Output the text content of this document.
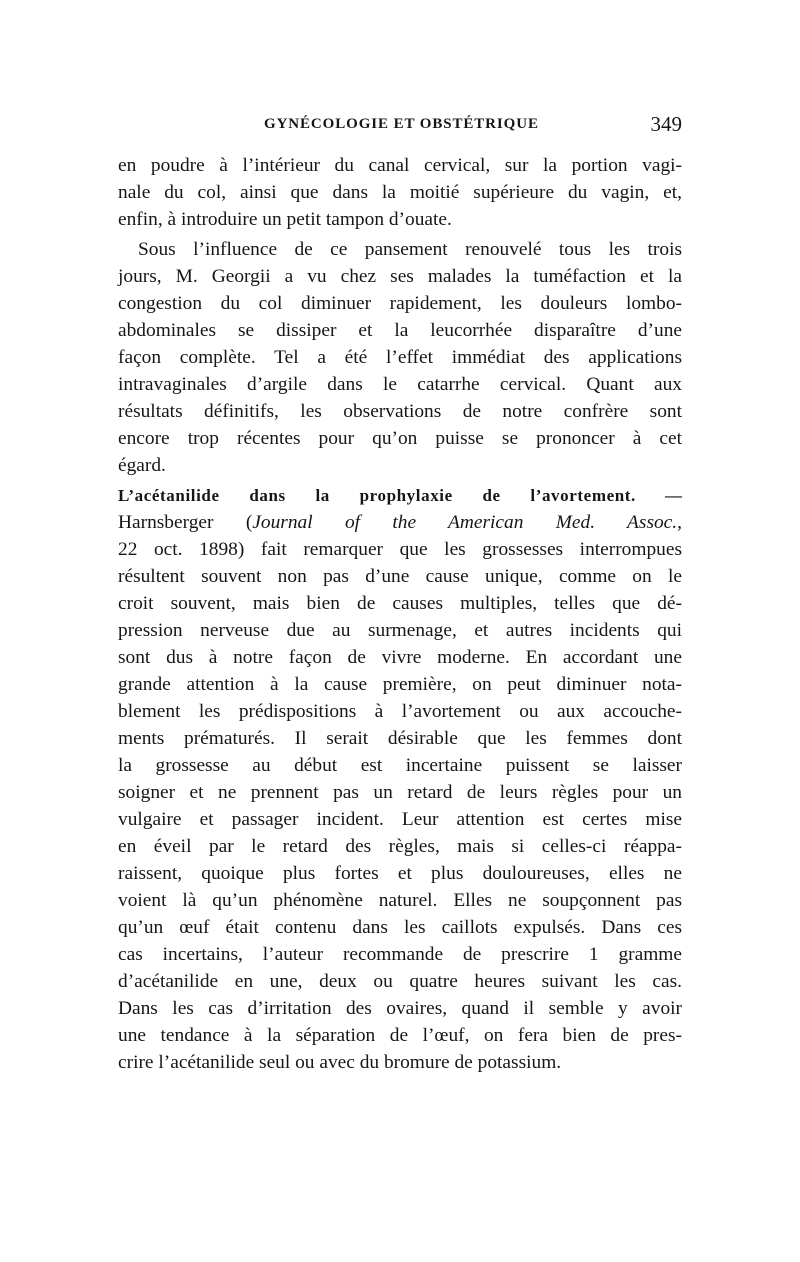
GYNÉCOLOGIE ET OBSTÉTRIQUE	349
en poudre à l’intérieur du canal cervical, sur la portion vagi-
nale du col, ainsi que dans la moitié supérieure du vagin, et,
enfin, à introduire un petit tampon d’ouate.
Sous l’influence de ce pansement renouvelé tous les trois
jours, M. Georgii a vu chez ses malades la tuméfaction et la
congestion du col diminuer rapidement, les douleurs lombo-
abdominales se dissiper et la leucorrhée disparaître d’une
façon complète. Tel a été l’effet immédiat des applications
intravaginales d’argile dans le catarrhe cervical. Quant aux
résultats définitifs, les observations de notre confrère sont
encore trop récentes pour qu’on puisse se prononcer à cet
égard.
L’acétanilide dans la prophylaxie de l’avortement. —
Harnsberger (Journal of the American Med. Assoc.,
22 oct. 1898) fait remarquer que les grossesses interrompues
résultent souvent non pas d’une cause unique, comme on le
croit souvent, mais bien de causes multiples, telles que dé-
pression nerveuse due au surmenage, et autres incidents qui
sont dus à notre façon de vivre moderne. En accordant une
grande attention à la cause première, on peut diminuer nota-
blement les prédispositions à l’avortement ou aux accouche-
ments prématurés. Il serait désirable que les femmes dont
la grossesse au début est incertaine puissent se laisser
soigner et ne prennent pas un retard de leurs règles pour un
vulgaire et passager incident. Leur attention est certes mise
en éveil par le retard des règles, mais si celles-ci réappa-
raissent, quoique plus fortes et plus douloureuses, elles ne
voient là qu’un phénomène naturel. Elles ne soupçonnent pas
qu’un œuf était contenu dans les caillots expulsés. Dans ces
cas incertains, l’auteur recommande de prescrire 1 gramme
d’acétanilide en une, deux ou quatre heures suivant les cas.
Dans les cas d’irritation des ovaires, quand il semble y avoir
une tendance à la séparation de l’œuf, on fera bien de pres-
crire l’acétanilide seul ou avec du bromure de potassium.
